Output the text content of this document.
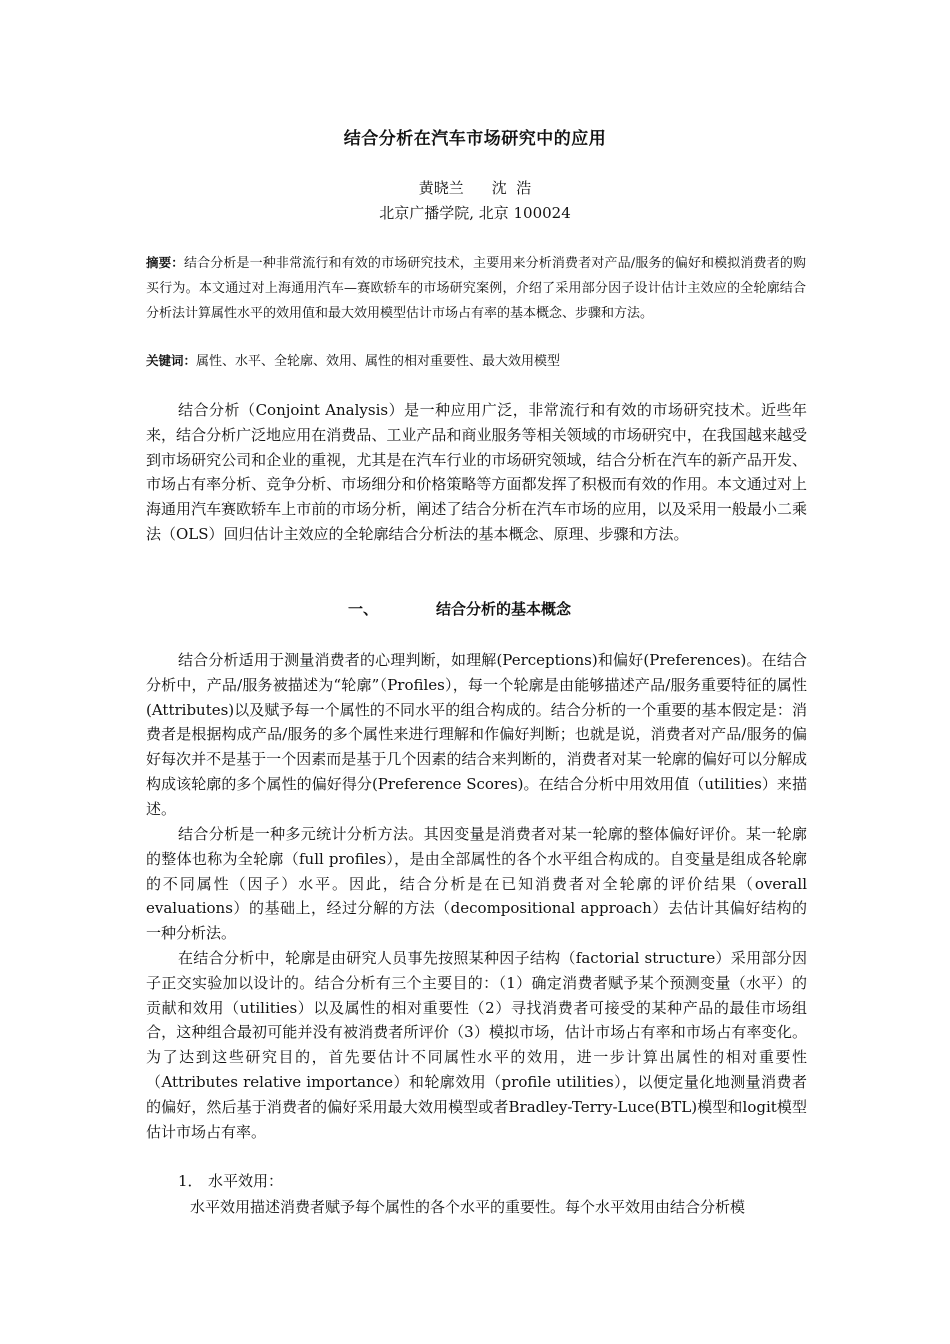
结合分析在汽车市场研究中的应用
黄晓兰 沈  浩
北京广播学院, 北京 100024
摘要：结合分析是一种非常流行和有效的市场研究技术，主要用来分析消费者对产品/服务的偏好和模拟消费者的购买行为。本文通过对上海通用汽车—赛欧轿车的市场研究案例，介绍了采用部分因子设计估计主效应的全轮廓结合分析法计算属性水平的效用值和最大效用模型估计市场占有率的基本概念、步骤和方法。
关键词：属性、水平、全轮廓、效用、属性的相对重要性、最大效用模型

结合分析（Conjoint Analysis）是一种应用广泛，非常流行和有效的市场研究技术。近些年来，结合分析广泛地应用在消费品、工业产品和商业服务等相关领域的市场研究中，在我国越来越受到市场研究公司和企业的重视，尤其是在汽车行业的市场研究领域，结合分析在汽车的新产品开发、市场占有率分析、竞争分析、市场细分和价格策略等方面都发挥了积极而有效的作用。本文通过对上海通用汽车赛欧轿车上市前的市场分析，阐述了结合分析在汽车市场的应用，以及采用一般最小二乘法（OLS）回归估计主效应的全轮廓结合分析法的基本概念、原理、步骤和方法。

一、	结合分析的基本概念

结合分析适用于测量消费者的心理判断，如理解(Perceptions)和偏好(Preferences)。在结合分析中，产品/服务被描述为“轮廓”（Profiles），每一个轮廓是由能够描述产品/服务重要特征的属性(Attributes)以及赋予每一个属性的不同水平的组合构成的。结合分析的一个重要的基本假定是：消费者是根据构成产品/服务的多个属性来进行理解和作偏好判断；也就是说，消费者对产品/服务的偏好每次并不是基于一个因素而是基于几个因素的结合来判断的，消费者对某一轮廓的偏好可以分解成构成该轮廓的多个属性的偏好得分(Preference Scores)。在结合分析中用效用值（utilities）来描述。

结合分析是一种多元统计分析方法。其因变量是消费者对某一轮廓的整体偏好评价。某一轮廓的整体也称为全轮廓（full profiles），是由全部属性的各个水平组合构成的。自变量是组成各轮廓的不同属性（因子）水平。因此，结合分析是在已知消费者对全轮廓的评价结果（overall evaluations）的基础上，经过分解的方法（decompositional approach）去估计其偏好结构的一种分析法。

在结合分析中，轮廓是由研究人员事先按照某种因子结构（factorial structure）采用部分因子正交实验加以设计的。结合分析有三个主要目的：（1）确定消费者赋予某个预测变量（水平）的贡献和效用（utilities）以及属性的相对重要性（2）寻找消费者可接受的某种产品的最佳市场组合，这种组合最初可能并没有被消费者所评价（3）模拟市场，估计市场占有率和市场占有率变化。为了达到这些研究目的，首先要估计不同属性水平的效用，进一步计算出属性的相对重要性（Attributes relative importance）和轮廓效用（profile utilities），以便定量化地测量消费者的偏好，然后基于消费者的偏好采用最大效用模型或者Bradley-Terry-Luce(BTL)模型和logit模型估计市场占有率。

1． 水平效用：

水平效用描述消费者赋予每个属性的各个水平的重要性。每个水平效用由结合分析模
